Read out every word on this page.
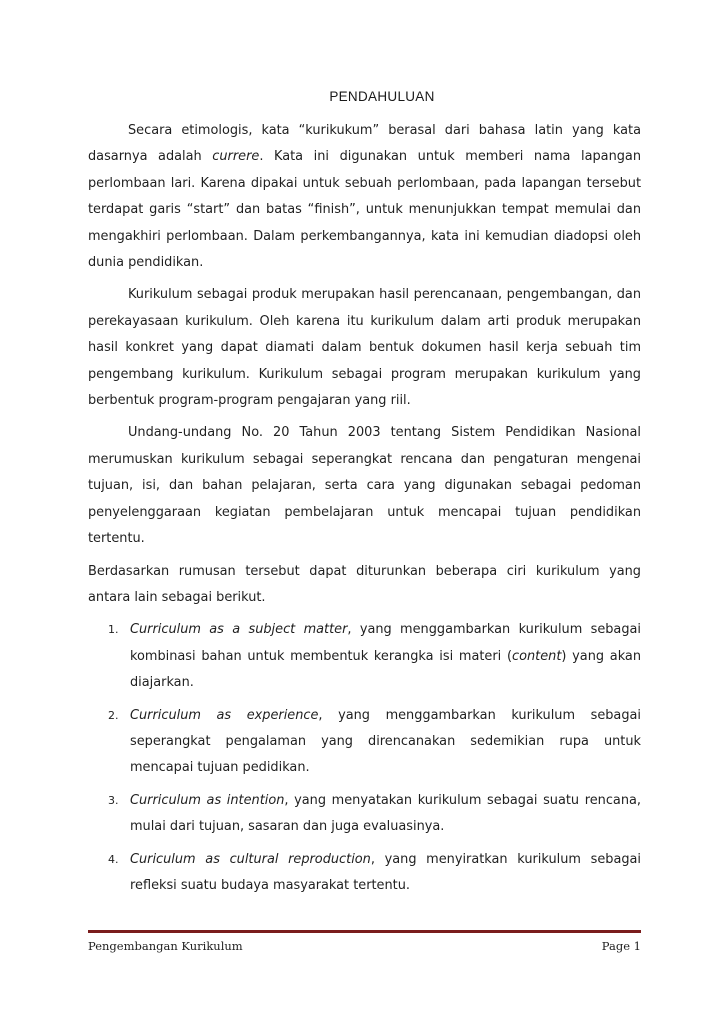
PENDAHULUAN

Secara etimologis, kata “kurikukum” berasal dari bahasa latin yang kata dasarnya adalah currere. Kata ini digunakan untuk memberi nama lapangan perlombaan lari. Karena dipakai untuk sebuah perlombaan, pada lapangan tersebut terdapat garis “start” dan batas “finish”, untuk menunjukkan tempat memulai dan mengakhiri perlombaan. Dalam perkembangannya, kata ini kemudian diadopsi oleh dunia pendidikan.

Kurikulum sebagai produk merupakan hasil perencanaan, pengembangan, dan perekayasaan kurikulum. Oleh karena itu kurikulum dalam arti produk merupakan hasil konkret yang dapat diamati dalam bentuk dokumen hasil kerja sebuah tim pengembang kurikulum. Kurikulum sebagai program merupakan kurikulum yang berbentuk program-program pengajaran yang riil.

Undang-undang No. 20 Tahun 2003 tentang Sistem Pendidikan Nasional merumuskan kurikulum sebagai seperangkat rencana dan pengaturan mengenai tujuan, isi, dan bahan pelajaran, serta cara yang digunakan sebagai pedoman penyelenggaraan kegiatan pembelajaran untuk mencapai tujuan pendidikan tertentu.

Berdasarkan rumusan tersebut dapat diturunkan beberapa ciri kurikulum yang antara lain sebagai berikut.

1. Curriculum as a subject matter, yang menggambarkan kurikulum sebagai kombinasi bahan untuk membentuk kerangka isi materi (content) yang akan diajarkan.
2. Curriculum as experience, yang menggambarkan kurikulum sebagai seperangkat pengalaman yang direncanakan sedemikian rupa untuk mencapai tujuan pedidikan.
3. Curriculum as intention, yang menyatakan kurikulum sebagai suatu rencana, mulai dari tujuan, sasaran dan juga evaluasinya.
4. Curiculum as cultural reproduction, yang menyiratkan kurikulum sebagai refleksi suatu budaya masyarakat tertentu.
Pengembangan Kurikulum	Page 1
